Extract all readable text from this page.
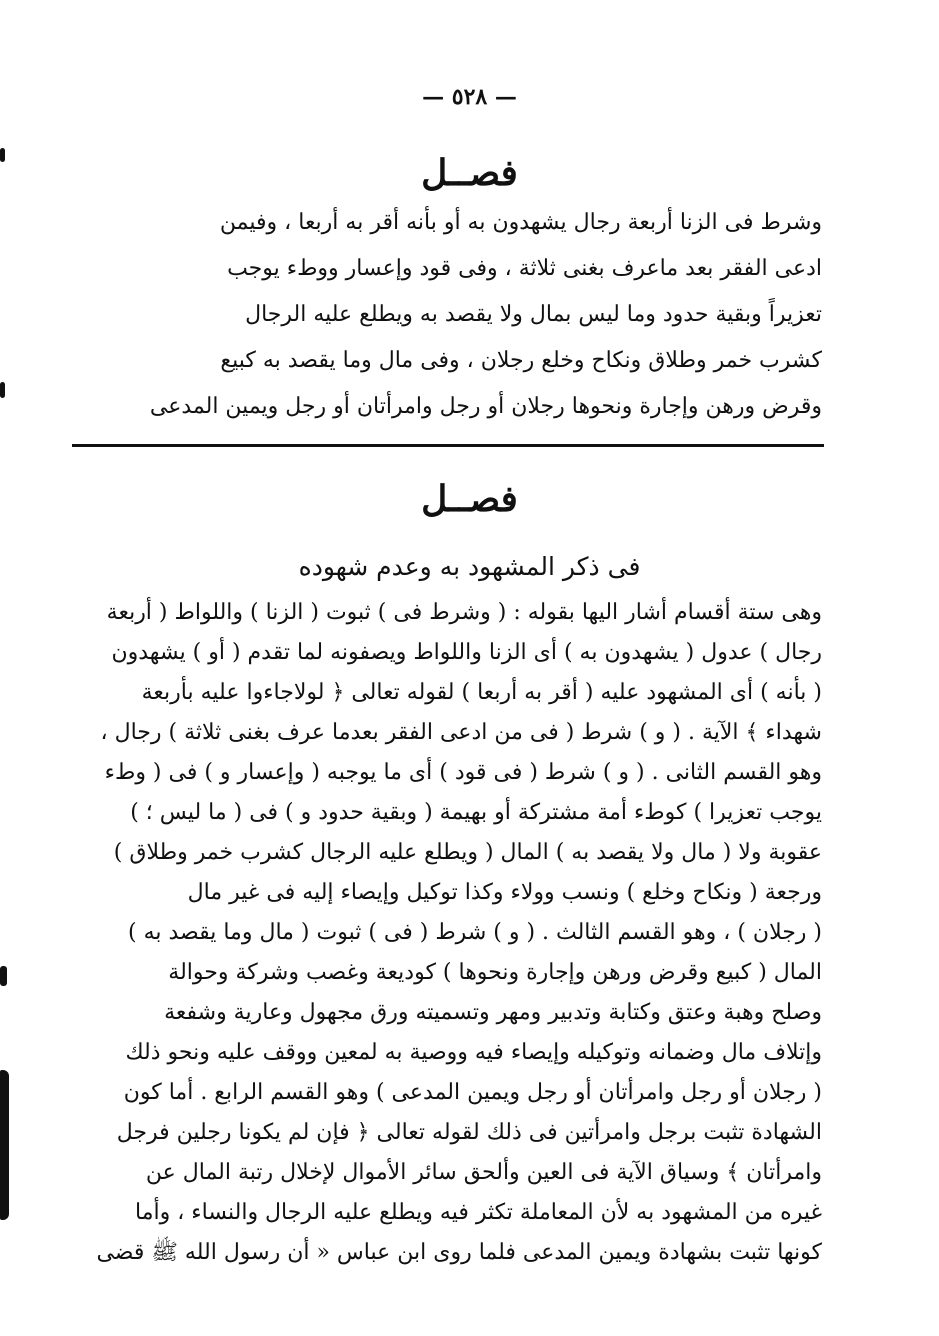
— ٥٢٨ —
فصــل
وشرط فى الزنا أربعة رجال يشهدون به أو بأنه أقر به أربعا ، وفيمن
ادعى الفقر بعد ماعرف بغنى ثلاثة ، وفى قود وإعسار ووطء يوجب
تعزيراً وبقية حدود وما ليس بمال ولا يقصد به ويطلع عليه الرجال
كشرب خمر وطلاق ونكاح وخلع رجلان ، وفى مال وما يقصد به كبيع
وقرض ورهن وإجارة ونحوها رجلان أو رجل وامرأتان أو رجل ويمين المدعى
فصــل
فى ذكر المشهود به وعدم شهوده
وهى ستة أقسام أشار اليها بقوله : ( وشرط فى ) ثبوت ( الزنا ) واللواط ( أربعة
رجال ) عدول ( يشهدون به ) أى الزنا واللواط ويصفونه لما تقدم ( أو ) يشهدون
( بأنه ) أى المشهود عليه ( أقر به أربعا ) لقوله تعالى ﴿ لولاجاءوا عليه بأربعة
شهداء ﴾ الآية . ( و ) شرط ( فى من ادعى الفقر بعدما عرف بغنى ثلاثة ) رجال ،
وهو القسم الثانى . ( و ) شرط ( فى قود ) أى ما يوجبه ( وإعسار و ) فى ( وطء
يوجب تعزيرا ) كوطء أمة مشتركة أو بهيمة ( وبقية حدود و ) فى ( ما ليس ؛ )
عقوبة ولا ( مال ولا يقصد به ) المال ( ويطلع عليه الرجال كشرب خمر وطلاق )
ورجعة ( ونكاح وخلع ) ونسب وولاء وكذا توكيل وإيصاء إليه فى غير مال
( رجلان ) ، وهو القسم الثالث . ( و ) شرط ( فى ) ثبوت ( مال وما يقصد به )
المال ( كبيع وقرض ورهن وإجارة ونحوها ) كوديعة وغصب وشركة وحوالة
وصلح وهبة وعتق وكتابة وتدبير ومهر وتسميته ورق مجهول وعارية وشفعة
وإتلاف مال وضمانه وتوكيله وإيصاء فيه ووصية به لمعين ووقف عليه ونحو ذلك
( رجلان أو رجل وامرأتان أو رجل ويمين المدعى ) وهو القسم الرابع . أما كون
الشهادة تثبت برجل وامرأتين فى ذلك لقوله تعالى ﴿ فإن لم يكونا رجلين فرجل
وامرأتان ﴾ وسياق الآية فى العين وألحق سائر الأموال لإخلال رتبة المال عن
غيره من المشهود به لأن المعاملة تكثر فيه ويطلع عليه الرجال والنساء ، وأما
كونها تثبت بشهادة ويمين المدعى فلما روى ابن عباس « أن رسول الله ﷺ قضى
